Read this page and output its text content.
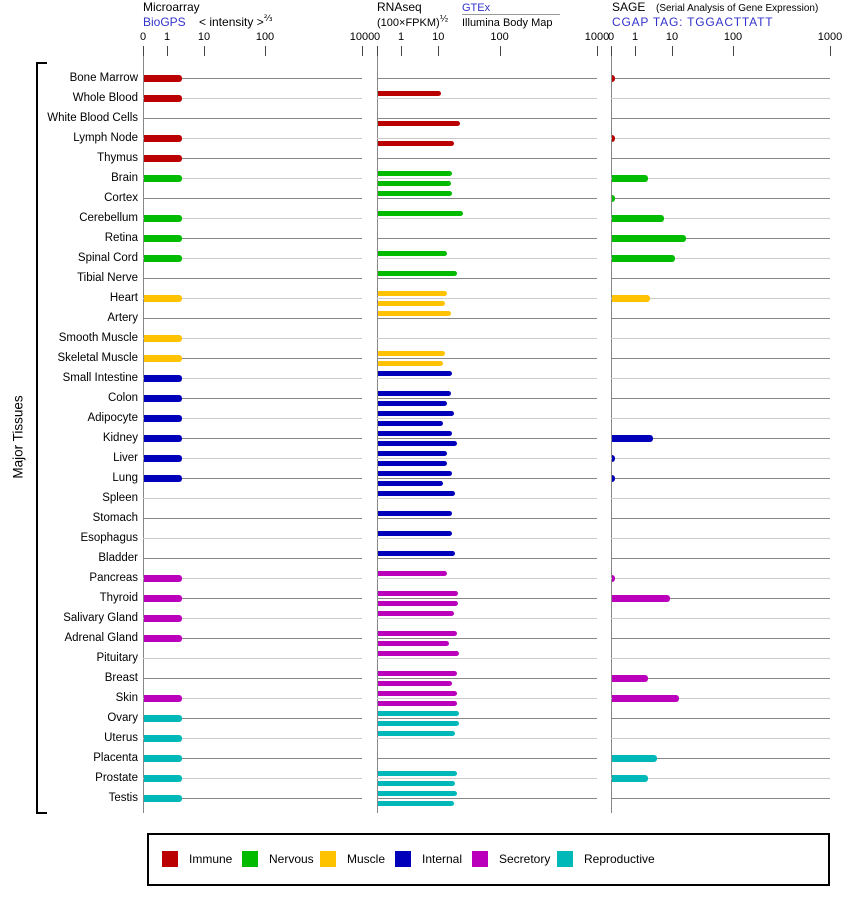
Major Tissues
Microarray
BioGPS < intensity >$^{\frac{2}{3}}$
RNAseq
(100×FPKM)$^{\frac{1}{2}}$
GTEx
Illumina Body Map
SAGE (Serial Analysis of Gene Expression)
CGAP TAG: TGGACTTATT
Immune	Nervous	Muscle	Internal	Secretory	Reproductive
0 1	10	100	1000 0 1	10	100	1000
0 1	10	100	1000
Bone Marrow
Whole Blood
White Blood Cells
Lymph Node
Thymus
Brain
Cortex
Cerebellum
Retina
Spinal Cord
Tibial Nerve
Heart
Artery
Smooth Muscle
Skeletal Muscle
Small Intestine
Colon
Adipocyte
Kidney
Liver
Lung
Spleen
Stomach
Esophagus
Bladder
Pancreas
Thyroid
Salivary Gland
Adrenal Gland
Pituitary
Breast
Skin
Ovary
Uterus
Placenta
Prostate
Testis
